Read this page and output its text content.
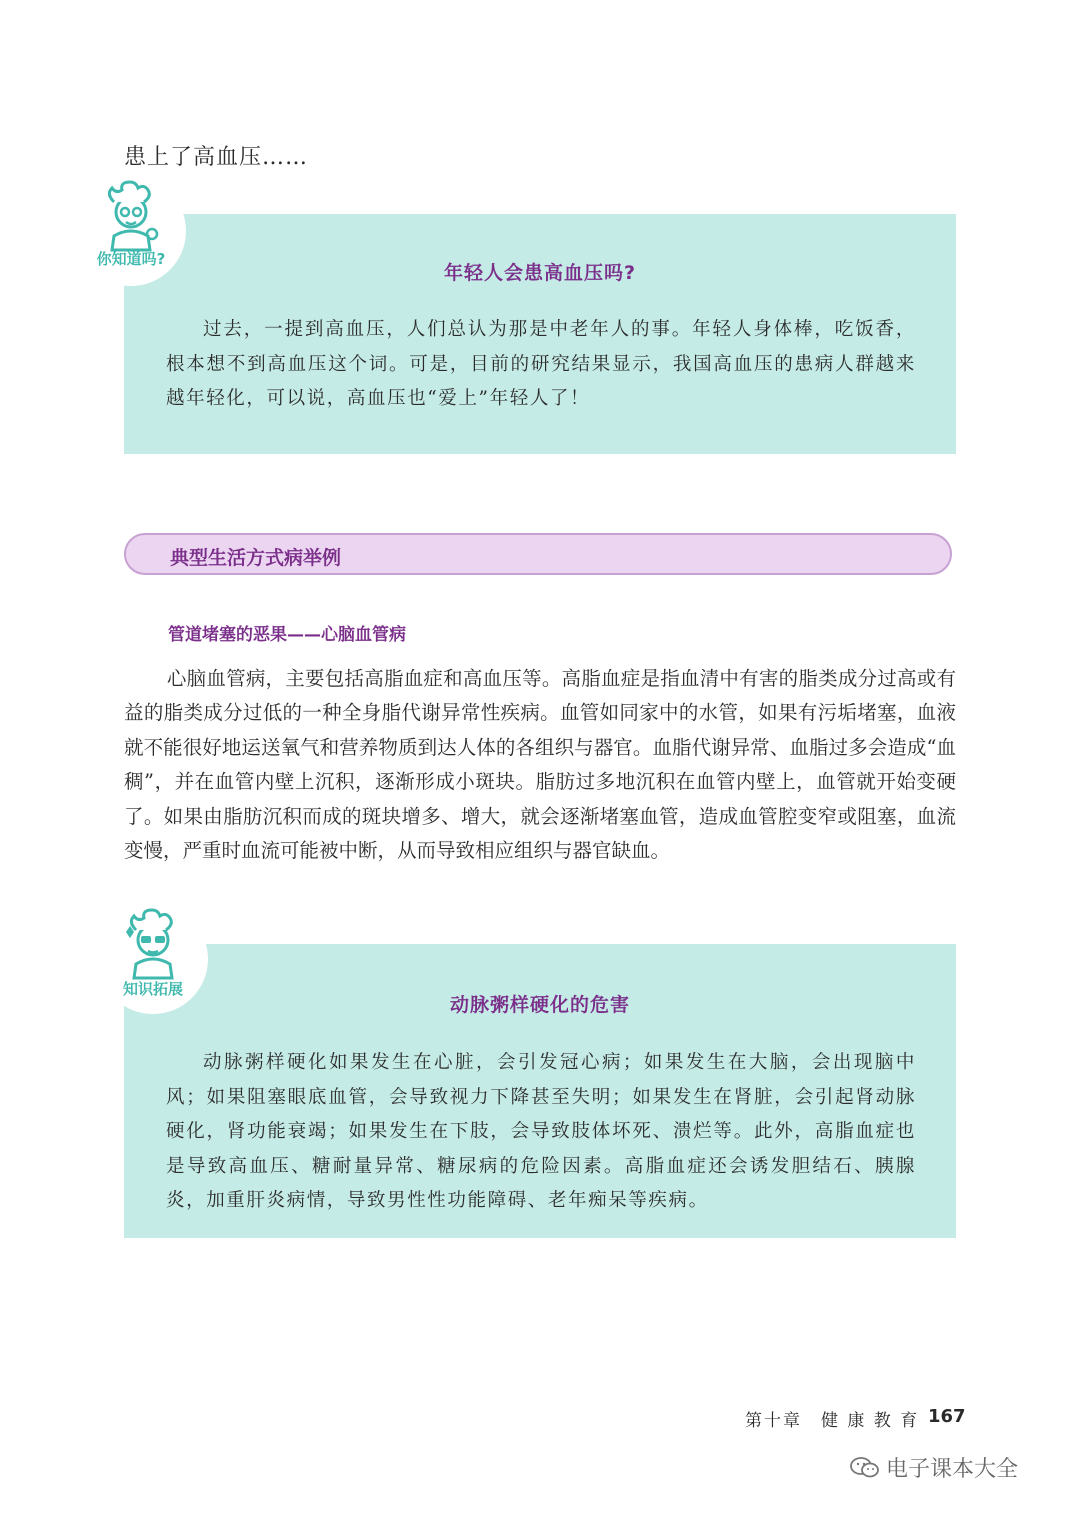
患上了高血压……
年轻人会患高血压吗?

过去，一提到高血压，人们总认为那是中老年人的事。年轻人身体棒，吃饭香，根本想不到高血压这个词。可是，目前的研究结果显示，我国高血压的患病人群越来越年轻化，可以说，高血压也“爱上”年轻人了！

你知道吗?
典型生活方式病举例
管道堵塞的恶果——心脑血管病

心脑血管病，主要包括高脂血症和高血压等。高脂血症是指血清中有害的脂类成分过高或有益的脂类成分过低的一种全身脂代谢异常性疾病。血管如同家中的水管，如果有污垢堵塞，血液就不能很好地运送氧气和营养物质到达人体的各组织与器官。血脂代谢异常、血脂过多会造成“血稠”，并在血管内壁上沉积，逐渐形成小斑块。脂肪过多地沉积在血管内壁上，血管就开始变硬了。如果由脂肪沉积而成的斑块增多、增大，就会逐渐堵塞血管，造成血管腔变窄或阻塞，血流变慢，严重时血流可能被中断，从而导致相应组织与器官缺血。

动脉粥样硬化的危害

动脉粥样硬化如果发生在心脏，会引发冠心病；如果发生在大脑，会出现脑中风；如果阻塞眼底血管，会导致视力下降甚至失明；如果发生在肾脏，会引起肾动脉硬化，肾功能衰竭；如果发生在下肢，会导致肢体坏死、溃烂等。此外，高脂血症也是导致高血压、糖耐量异常、糖尿病的危险因素。高脂血症还会诱发胆结石、胰腺炎，加重肝炎病情，导致男性性功能障碍、老年痴呆等疾病。

知识拓展
第十章　健 康 教 育 167
电子课本大全
